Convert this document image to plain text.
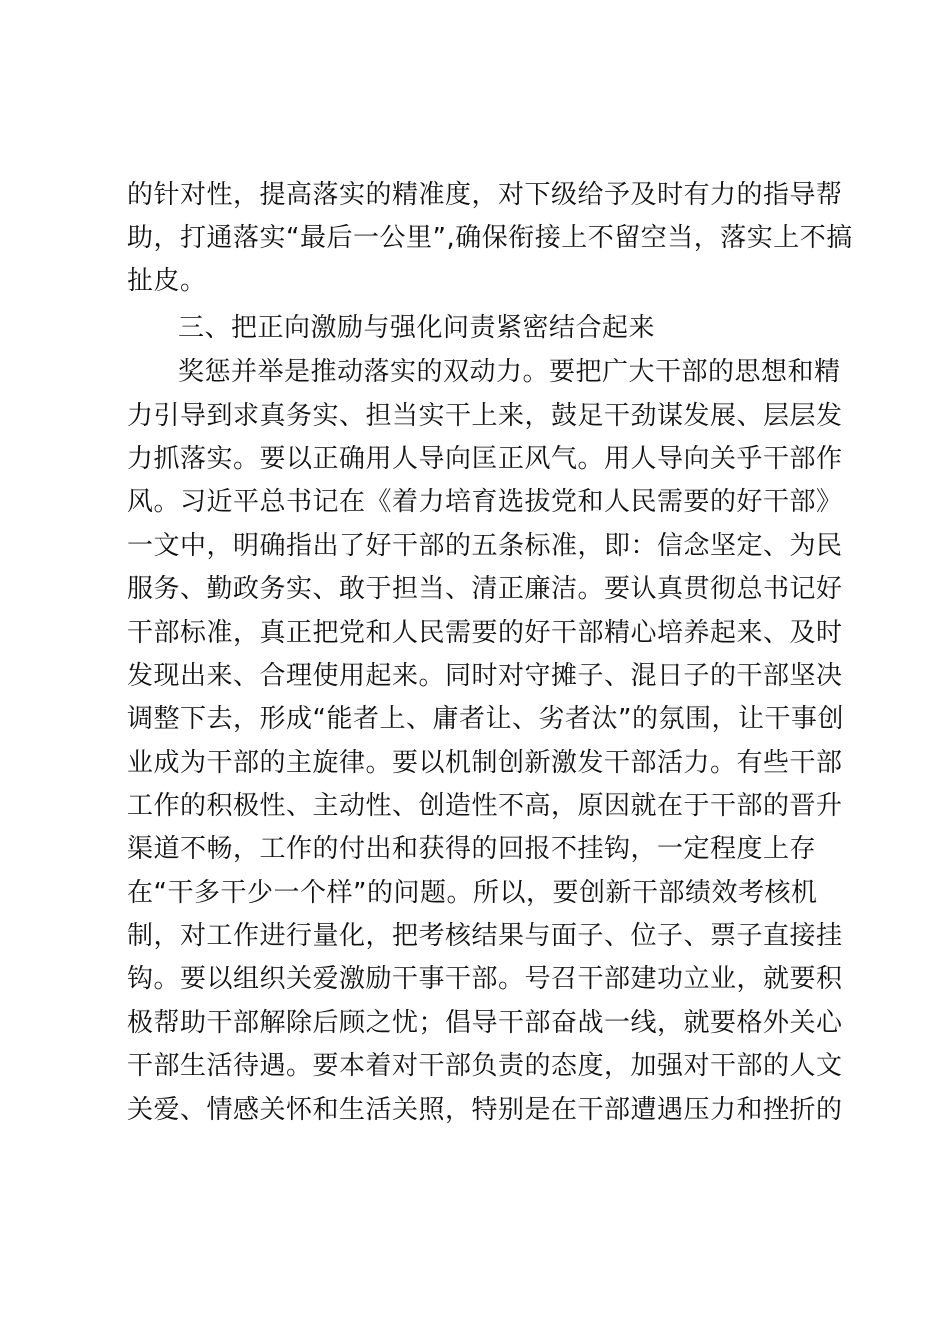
的针对性，提高落实的精准度，对下级给予及时有力的指导帮
助，打通落实“最后一公里”,确保衔接上不留空当，落实上不搞
扯皮。
三、把正向激励与强化问责紧密结合起来
奖惩并举是推动落实的双动力。要把广大干部的思想和精
力引导到求真务实、担当实干上来，鼓足干劲谋发展、层层发
力抓落实。要以正确用人导向匡正风气。用人导向关乎干部作
风。习近平总书记在《着力培育选拔党和人民需要的好干部》
一文中，明确指出了好干部的五条标准，即：信念坚定、为民
服务、勤政务实、敢于担当、清正廉洁。要认真贯彻总书记好
干部标准，真正把党和人民需要的好干部精心培养起来、及时
发现出来、合理使用起来。同时对守摊子、混日子的干部坚决
调整下去，形成“能者上、庸者让、劣者汰”的氛围，让干事创
业成为干部的主旋律。要以机制创新激发干部活力。有些干部
工作的积极性、主动性、创造性不高，原因就在于干部的晋升
渠道不畅，工作的付出和获得的回报不挂钩，一定程度上存
在“干多干少一个样”的问题。所以，要创新干部绩效考核机
制，对工作进行量化，把考核结果与面子、位子、票子直接挂
钩。要以组织关爱激励干事干部。号召干部建功立业，就要积
极帮助干部解除后顾之忧；倡导干部奋战一线，就要格外关心
干部生活待遇。要本着对干部负责的态度，加强对干部的人文
关爱、情感关怀和生活关照，特别是在干部遭遇压力和挫折的
